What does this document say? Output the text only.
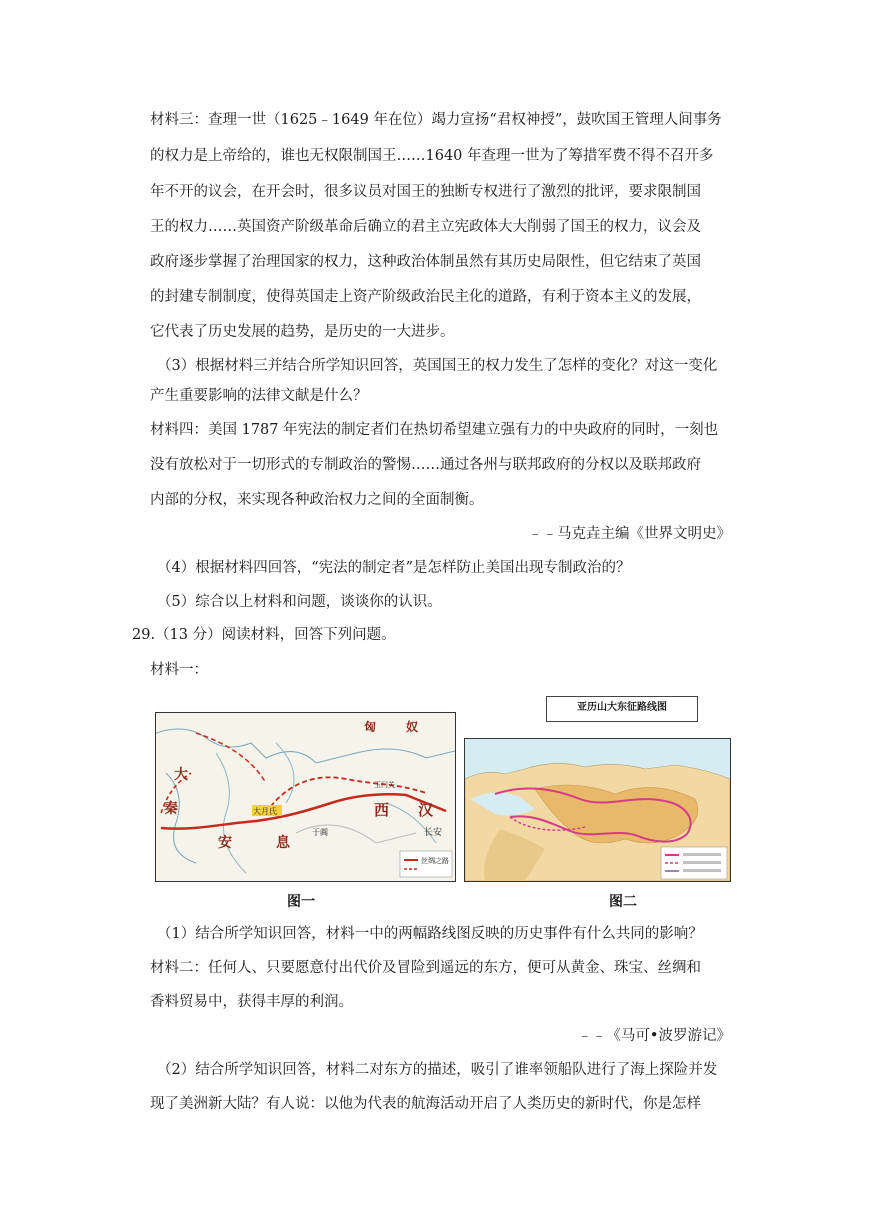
材料三：查理一世（1625﹣1649 年在位）竭力宣扬“君权神授”，鼓吹国王管理人间事务
的权力是上帝给的，谁也无权限制国王……1640 年查理一世为了筹措军费不得不召开多
年不开的议会，在开会时，很多议员对国王的独断专权进行了激烈的批评，要求限制国
王的权力……英国资产阶级革命后确立的君主立宪政体大大削弱了国王的权力，议会及
政府逐步掌握了治理国家的权力，这种政治体制虽然有其历史局限性，但它结束了英国
的封建专制制度，使得英国走上资产阶级政治民主化的道路，有利于资本主义的发展，
它代表了历史发展的趋势，是历史的一大进步。
（3）根据材料三并结合所学知识回答，英国国王的权力发生了怎样的变化？对这一变化
产生重要影响的法律文献是什么？
材料四：美国 1787 年宪法的制定者们在热切希望建立强有力的中央政府的同时，一刻也
没有放松对于一切形式的专制政治的警惕……通过各州与联邦政府的分权以及联邦政府
内部的分权，来实现各种政治权力之间的全面制衡。
﹣﹣马克垚主编《世界文明史》
（4）根据材料四回答，“宪法的制定者”是怎样防止美国出现专制政治的？
（5）综合以上材料和问题，谈谈你的认识。
29.（13 分）阅读材料，回答下列问题。
材料一：
匈 奴
西 汉
长安
安	息
大
秦	大月氏
于阗
玉门关
丝绸之路
图一
亚历山大东征路线图
图二
（1）结合所学知识回答，材料一中的两幅路线图反映的历史事件有什么共同的影响？
材料二：任何人、只要愿意付出代价及冒险到遥远的东方，便可从黄金、珠宝、丝绸和
香料贸易中，获得丰厚的利润。
﹣﹣《马可•波罗游记》
（2）结合所学知识回答，材料二对东方的描述，吸引了谁率领船队进行了海上探险并发
现了美洲新大陆？有人说：以他为代表的航海活动开启了人类历史的新时代，你是怎样
